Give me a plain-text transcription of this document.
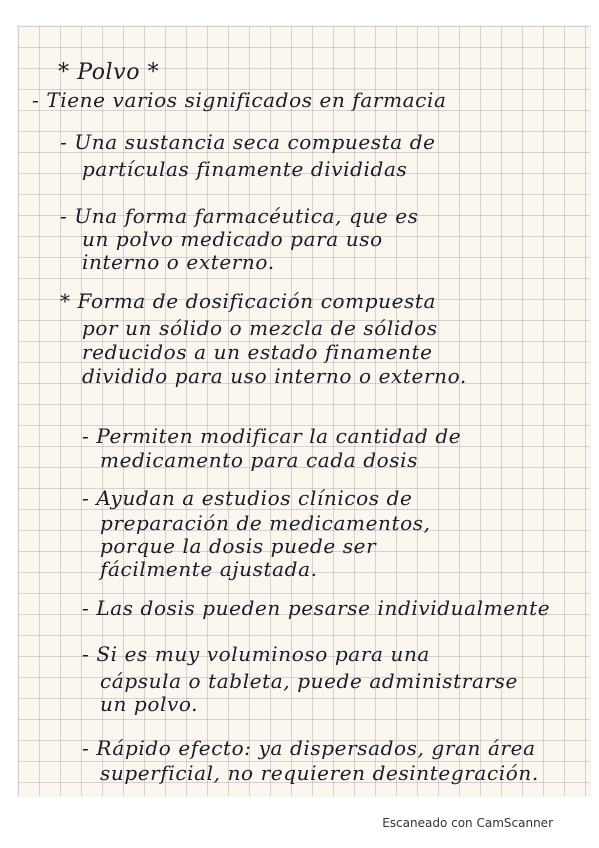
* Polvo *
- Tiene varios significados en farmacia
- Una sustancia seca compuesta de
partículas finamente divididas
- Una forma farmacéutica, que es
un polvo medicado para uso
interno o externo.
* Forma de dosificación compuesta
por un sólido o mezcla de sólidos
reducidos a un estado finamente
dividido para uso interno o externo.
- Permiten modificar la cantidad de
medicamento para cada dosis
- Ayudan a estudios clínicos de
preparación de medicamentos,
porque la dosis puede ser
fácilmente ajustada.
- Las dosis pueden pesarse individualmente
- Si es muy voluminoso para una
cápsula o tableta, puede administrarse
un polvo.
- Rápido efecto: ya dispersados, gran área
superficial, no requieren desintegración.
Escaneado con CamScanner
